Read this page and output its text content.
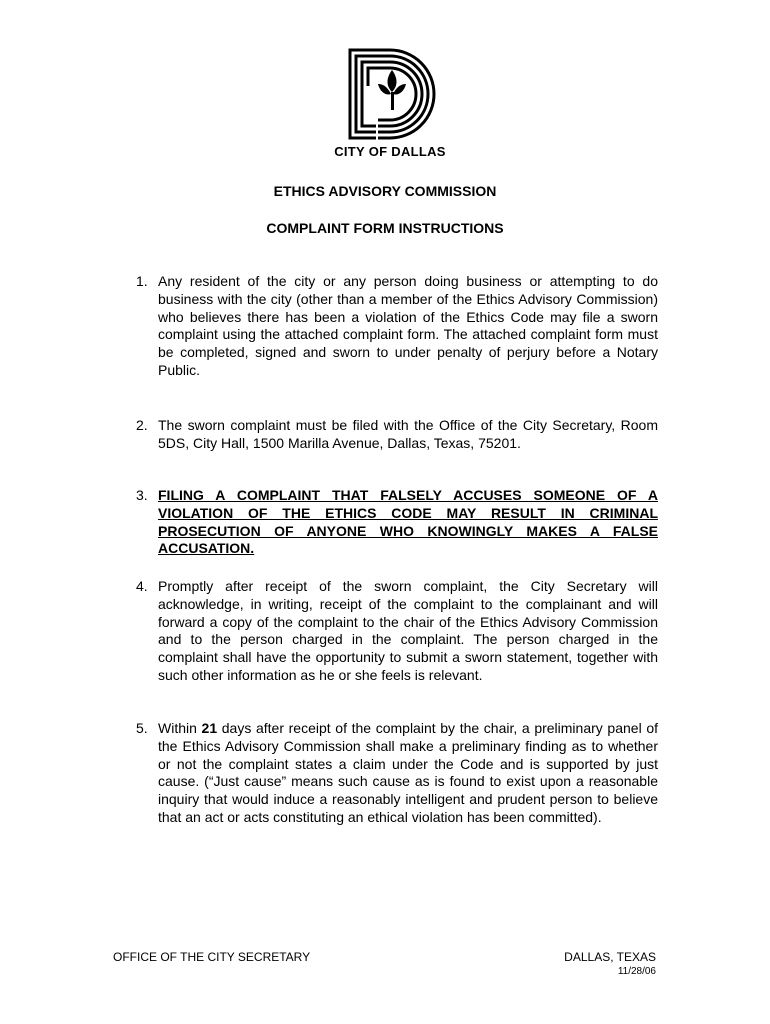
CITY OF DALLAS
ETHICS ADVISORY COMMISSION
COMPLAINT FORM INSTRUCTIONS
1. Any resident of the city or any person doing business or attempting to do business with the city (other than a member of the Ethics Advisory Commission) who believes there has been a violation of the Ethics Code may file a sworn complaint using the attached complaint form. The attached complaint form must be completed, signed and sworn to under penalty of perjury before a Notary Public.
2. The sworn complaint must be filed with the Office of the City Secretary, Room 5DS, City Hall, 1500 Marilla Avenue, Dallas, Texas, 75201.
3. FILING A COMPLAINT THAT FALSELY ACCUSES SOMEONE OF A VIOLATION OF THE ETHICS CODE MAY RESULT IN CRIMINAL PROSECUTION OF ANYONE WHO KNOWINGLY MAKES A FALSE ACCUSATION.
4. Promptly after receipt of the sworn complaint, the City Secretary will acknowledge, in writing, receipt of the complaint to the complainant and will forward a copy of the complaint to the chair of the Ethics Advisory Commission and to the person charged in the complaint. The person charged in the complaint shall have the opportunity to submit a sworn statement, together with such other information as he or she feels is relevant.
5. Within 21 days after receipt of the complaint by the chair, a preliminary panel of the Ethics Advisory Commission shall make a preliminary finding as to whether or not the complaint states a claim under the Code and is supported by just cause. (“Just cause” means such cause as is found to exist upon a reasonable inquiry that would induce a reasonably intelligent and prudent person to believe that an act or acts constituting an ethical violation has been committed).
OFFICE OF THE CITY SECRETARY	DALLAS, TEXAS
11/28/06
